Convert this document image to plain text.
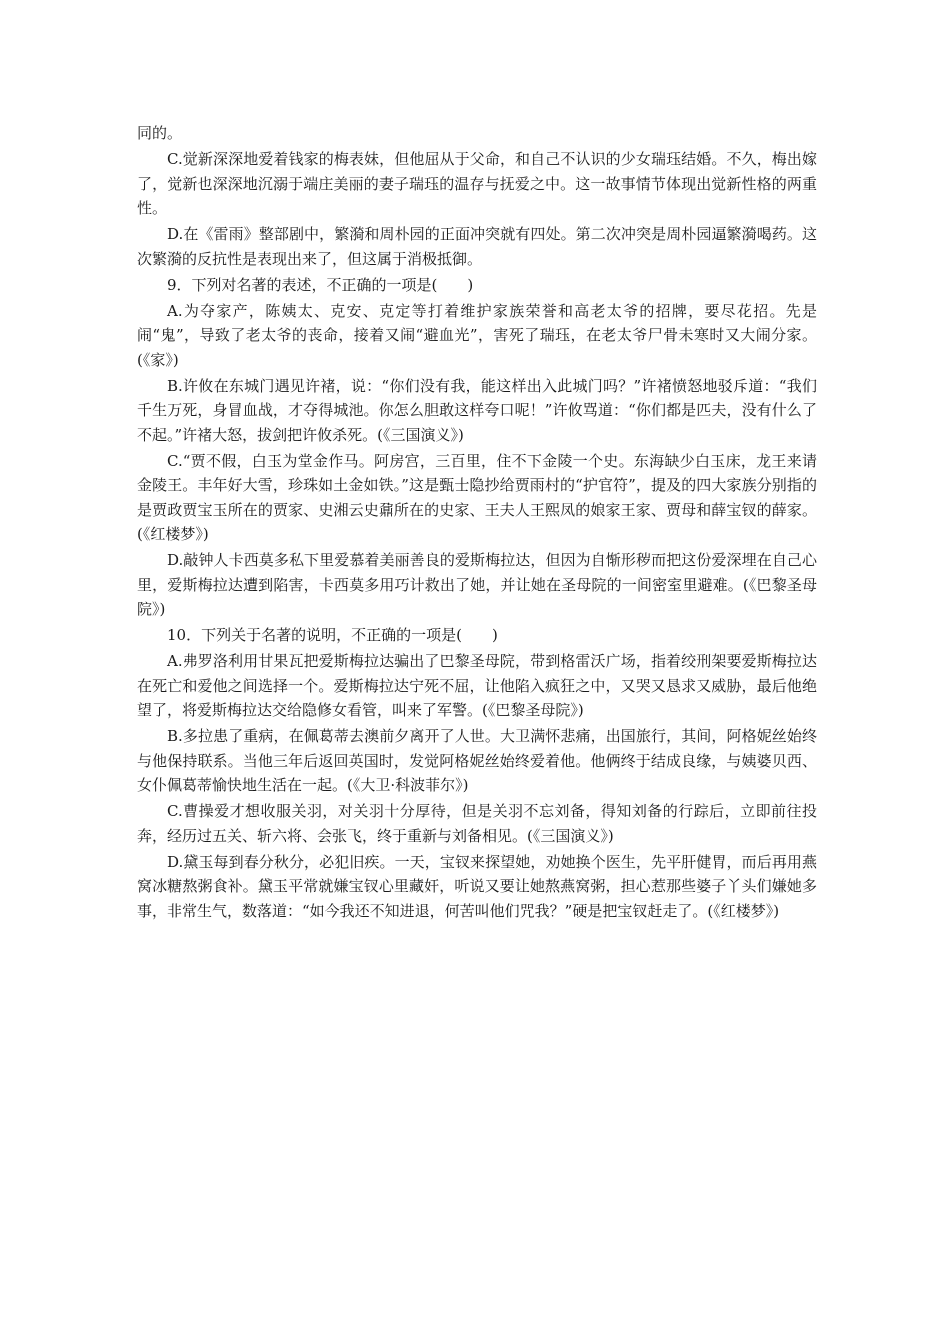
同的。

C.觉新深深地爱着钱家的梅表妹，但他屈从于父命，和自己不认识的少女瑞珏结婚。不久，梅出嫁了，觉新也深深地沉溺于端庄美丽的妻子瑞珏的温存与抚爱之中。这一故事情节体现出觉新性格的两重性。

D.在《雷雨》整部剧中，繁漪和周朴园的正面冲突就有四处。第二次冲突是周朴园逼繁漪喝药。这次繁漪的反抗性是表现出来了，但这属于消极抵御。

9．下列对名著的表述，不正确的一项是(　　)

A.为夺家产，陈姨太、克安、克定等打着维护家族荣誉和高老太爷的招牌，要尽花招。先是闹“鬼”，导致了老太爷的丧命，接着又闹“避血光”，害死了瑞珏，在老太爷尸骨未寒时又大闹分家。(《家》)

B.许攸在东城门遇见许褚，说：“你们没有我，能这样出入此城门吗？”许褚愤怒地驳斥道：“我们千生万死，身冒血战，才夺得城池。你怎么胆敢这样夸口呢！”许攸骂道：“你们都是匹夫，没有什么了不起。”许褚大怒，拔剑把许攸杀死。(《三国演义》)

C.“贾不假，白玉为堂金作马。阿房宫，三百里，住不下金陵一个史。东海缺少白玉床，龙王来请金陵王。丰年好大雪，珍珠如土金如铁。”这是甄士隐抄给贾雨村的“护官符”，提及的四大家族分别指的是贾政贾宝玉所在的贾家、史湘云史鼐所在的史家、王夫人王熙凤的娘家王家、贾母和薛宝钗的薛家。(《红楼梦》)

D.敲钟人卡西莫多私下里爱慕着美丽善良的爱斯梅拉达，但因为自惭形秽而把这份爱深埋在自己心里，爱斯梅拉达遭到陷害，卡西莫多用巧计救出了她，并让她在圣母院的一间密室里避难。(《巴黎圣母院》)

10．下列关于名著的说明，不正确的一项是(　　)

A.弗罗洛利用甘果瓦把爱斯梅拉达骗出了巴黎圣母院，带到格雷沃广场，指着绞刑架要爱斯梅拉达在死亡和爱他之间选择一个。爱斯梅拉达宁死不屈，让他陷入疯狂之中，又哭又恳求又威胁，最后他绝望了，将爱斯梅拉达交给隐修女看管，叫来了军警。(《巴黎圣母院》)

B.多拉患了重病，在佩葛蒂去澳前夕离开了人世。大卫满怀悲痛，出国旅行，其间，阿格妮丝始终与他保持联系。当他三年后返回英国时，发觉阿格妮丝始终爱着他。他俩终于结成良缘，与姨婆贝西、女仆佩葛蒂愉快地生活在一起。(《大卫·科波菲尔》)

C.曹操爱才想收服关羽，对关羽十分厚待，但是关羽不忘刘备，得知刘备的行踪后，立即前往投奔，经历过五关、斩六将、会张飞，终于重新与刘备相见。(《三国演义》)

D.黛玉每到春分秋分，必犯旧疾。一天，宝钗来探望她，劝她换个医生，先平肝健胃，而后再用燕窝冰糖熬粥食补。黛玉平常就嫌宝钗心里藏奸，听说又要让她熬燕窝粥，担心惹那些婆子丫头们嫌她多事，非常生气，数落道：“如今我还不知进退，何苦叫他们咒我？”硬是把宝钗赶走了。(《红楼梦》)
